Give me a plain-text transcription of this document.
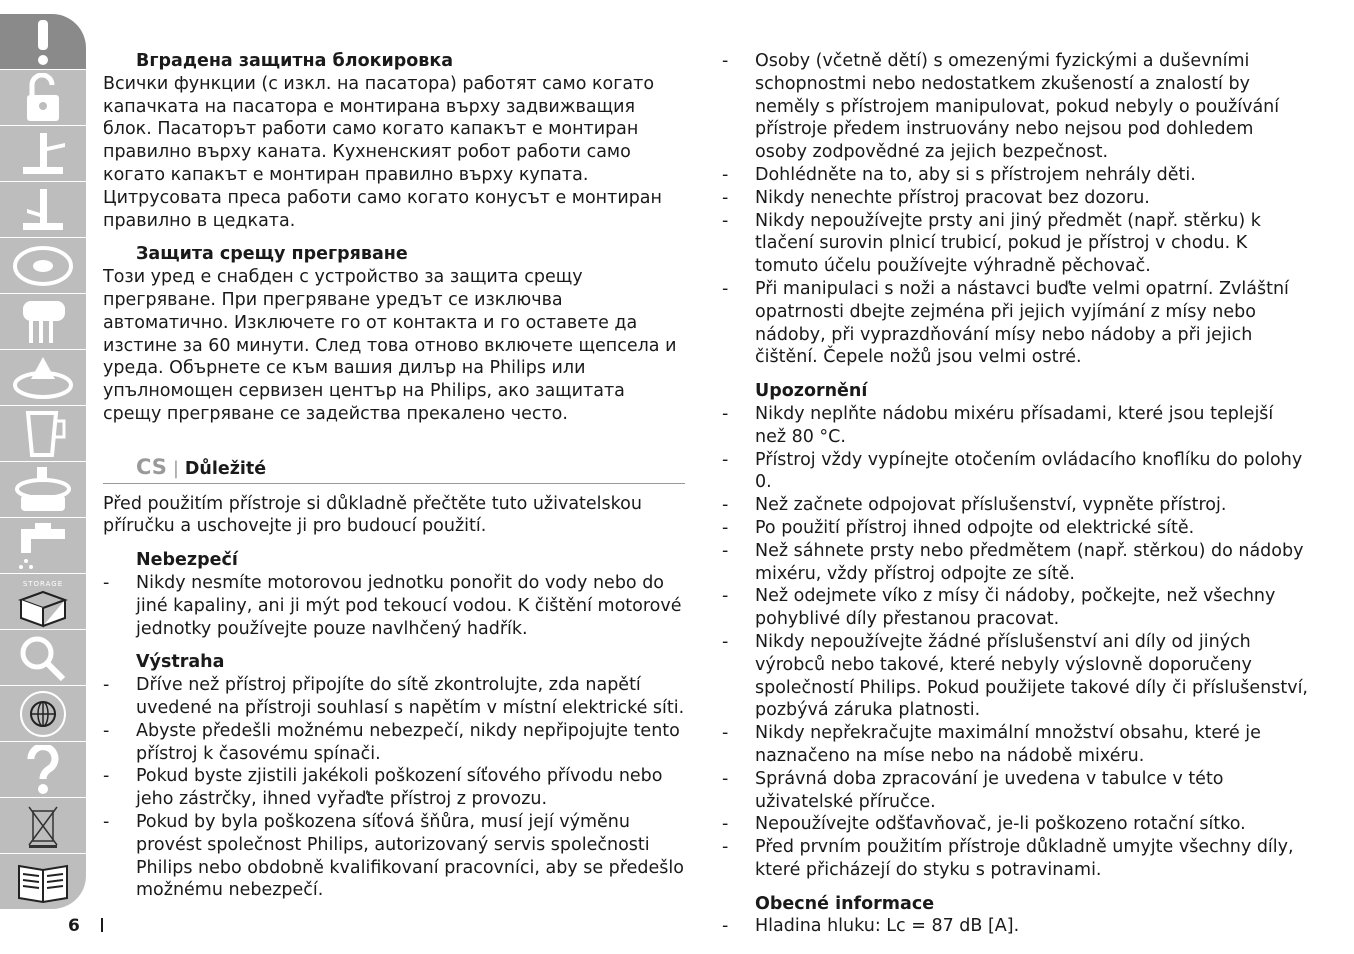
STORAGE
Вградена защитна блокировка

Всички функции (с изкл. на пасатора) работят само когато капачката на пасатора е монтирана върху задвижващия блок. Пасаторът работи само когато капакът е монтиран правилно върху каната. Кухненският робот работи само когато капакът е монтиран правилно върху купата. Цитрусовата преса работи само когато конусът е монтиран правилно в цедката.

Защита срещу прегряване

Този уред е снабден с устройство за защита срещу прегряване. При прегряване уредът се изключва автоматично. Изключете го от контакта и го оставете да изстине за 60 минути. След това отново включете щепсела и уреда. Обърнете се към вашия дилър на Philips или упълномощен сервизен център на Philips, ако защитата срещу прегряване се задейства прекалено често.

CS | Důležité

Před použitím přístroje si důkladně přečtěte tuto uživatelskou příručku a uschovejte ji pro budoucí použití.

Nebezpečí
- Nikdy nesmíte motorovou jednotku ponořit do vody nebo do jiné kapaliny, ani ji mýt pod tekoucí vodou. K čištění motorové jednotky používejte pouze navlhčený hadřík.
Výstraha
- Dříve než přístroj připojíte do sítě zkontrolujte, zda napětí uvedené na přístroji souhlasí s napětím v místní elektrické síti.
- Abyste předešli možnému nebezpečí, nikdy nepřipojujte tento přístroj k časovému spínači.
- Pokud byste zjistili jakékoli poškození síťového přívodu nebo jeho zástrčky, ihned vyřaďte přístroj z provozu.
- Pokud by byla poškozena síťová šňůra, musí její výměnu provést společnost Philips, autorizovaný servis společnosti Philips nebo obdobně kvalifikovaní pracovníci, aby se předešlo možnému nebezpečí.
- Osoby (včetně dětí) s omezenými fyzickými a duševními schopnostmi nebo nedostatkem zkušeností a znalostí by neměly s přístrojem manipulovat, pokud nebyly o používání přístroje předem instruovány nebo nejsou pod dohledem osoby zodpovědné za jejich bezpečnost.
- Dohlédněte na to, aby si s přístrojem nehrály děti.
- Nikdy nenechte přístroj pracovat bez dozoru.
- Nikdy nepoužívejte prsty ani jiný předmět (např. stěrku) k tlačení surovin plnicí trubicí, pokud je přístroj v chodu. K tomuto účelu používejte výhradně pěchovač.
- Při manipulaci s noži a nástavci buďte velmi opatrní. Zvláštní opatrnosti dbejte zejména při jejich vyjímání z mísy nebo nádoby, při vyprazdňování mísy nebo nádoby a při jejich čištění. Čepele nožů jsou velmi ostré.
Upozornění
- Nikdy neplňte nádobu mixéru přísadami, které jsou teplejší než 80 °C.
- Přístroj vždy vypínejte otočením ovládacího knoflíku do polohy 0.
- Než začnete odpojovat příslušenství, vypněte přístroj.
- Po použití přístroj ihned odpojte od elektrické sítě.
- Než sáhnete prsty nebo předmětem (např. stěrkou) do nádoby mixéru, vždy přístroj odpojte ze sítě.
- Než odejmete víko z mísy či nádoby, počkejte, než všechny pohyblivé díly přestanou pracovat.
- Nikdy nepoužívejte žádné příslušenství ani díly od jiných výrobců nebo takové, které nebyly výslovně doporučeny společností Philips. Pokud použijete takové díly či příslušenství, pozbývá záruka platnosti.
- Nikdy nepřekračujte maximální množství obsahu, které je naznačeno na míse nebo na nádobě mixéru.
- Správná doba zpracování je uvedena v tabulce v této uživatelské příručce.
- Nepoužívejte odšťavňovač, je-li poškozeno rotační sítko.
- Před prvním použitím přístroje důkladně umyjte všechny díly, které přicházejí do styku s potravinami.
Obecné informace
- Hladina hluku: Lc = 87 dB [A].
6
